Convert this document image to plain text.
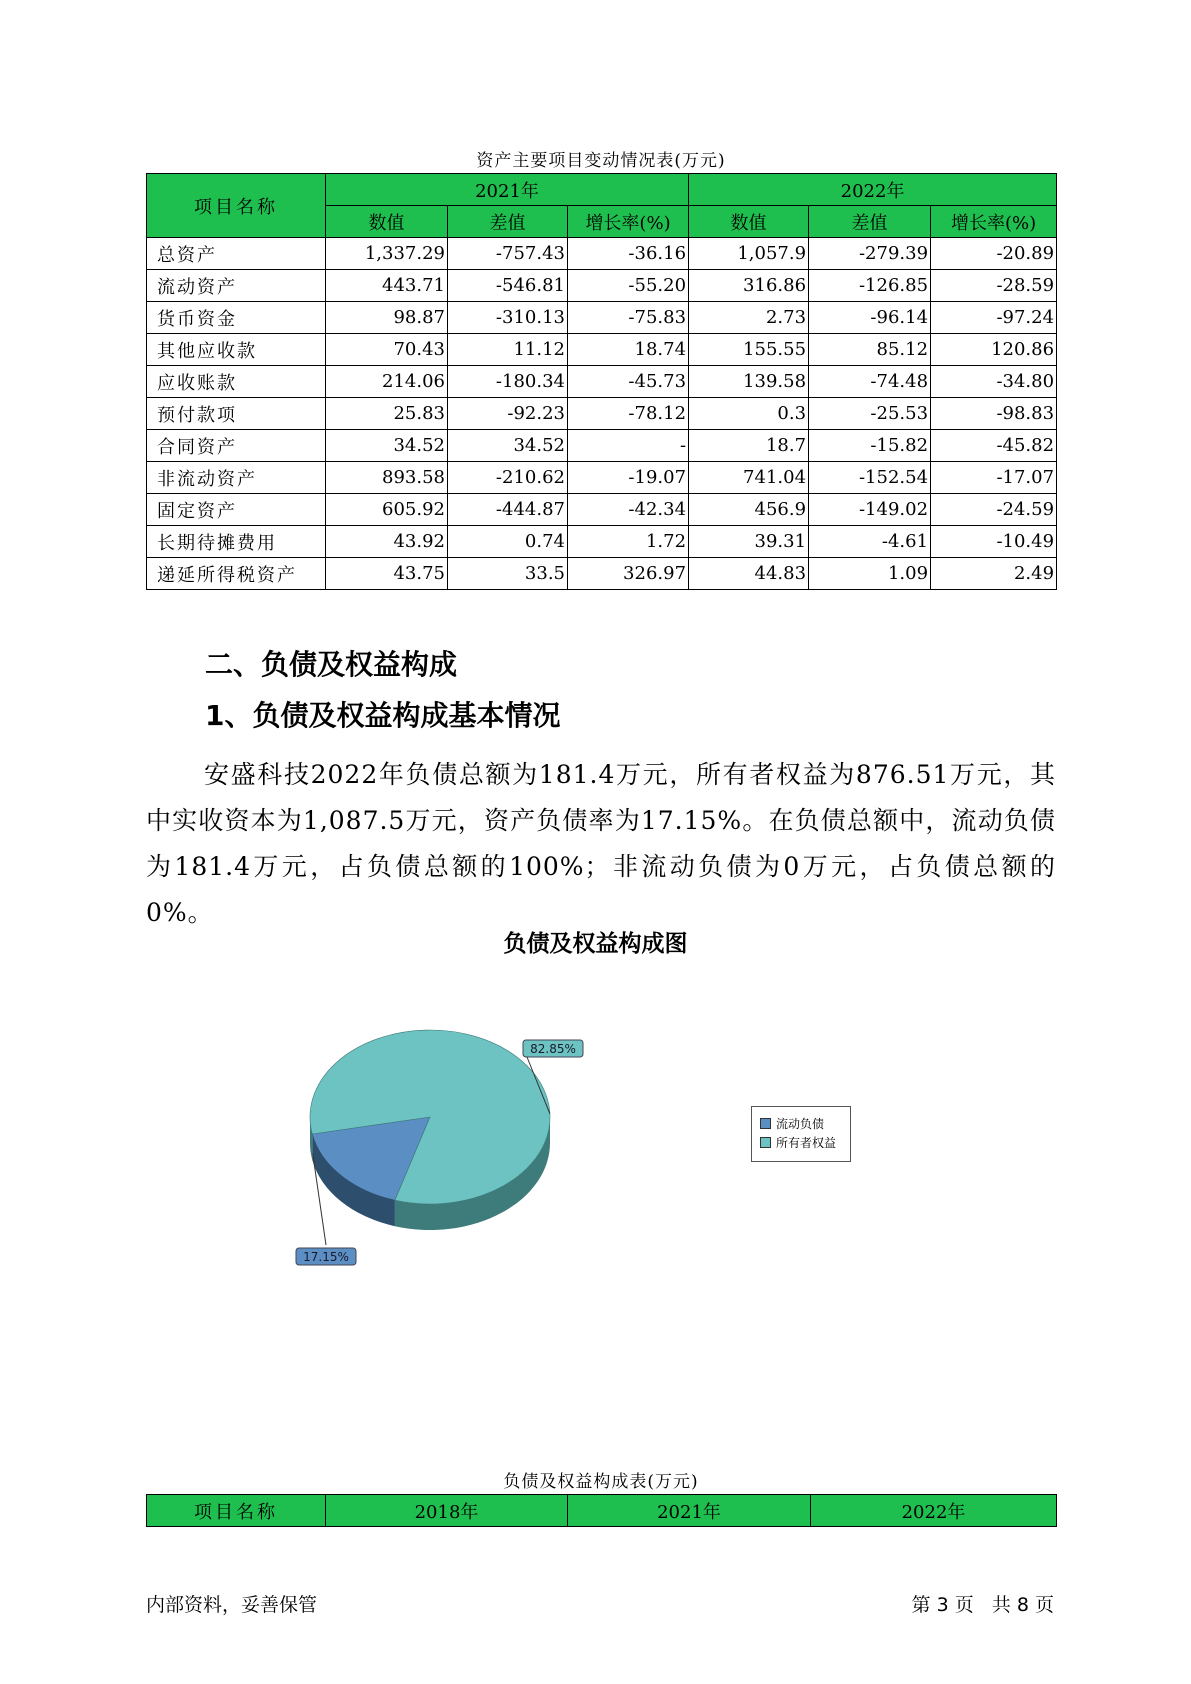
资产主要项目变动情况表(万元)
项目名称	2021年			2022年		
	数值	差值	增长率(%)	数值	差值	增长率(%)
总资产	1,337.29	-757.43	-36.16	1,057.9	-279.39	-20.89
流动资产	443.71	-546.81	-55.20	316.86	-126.85	-28.59
货币资金	98.87	-310.13	-75.83	2.73	-96.14	-97.24
其他应收款	70.43	11.12	18.74	155.55	85.12	120.86
应收账款	214.06	-180.34	-45.73	139.58	-74.48	-34.80
预付款项	25.83	-92.23	-78.12	0.3	-25.53	-98.83
合同资产	34.52	34.52	-	18.7	-15.82	-45.82
非流动资产	893.58	-210.62	-19.07	741.04	-152.54	-17.07
固定资产	605.92	-444.87	-42.34	456.9	-149.02	-24.59
长期待摊费用	43.92	0.74	1.72	39.31	-4.61	-10.49
递延所得税资产	43.75	33.5	326.97	44.83	1.09	2.49
二、负债及权益构成
1、负债及权益构成基本情况
安盛科技2022年负债总额为181.4万元，所有者权益为876.51万元，其中实收资本为1,087.5万元，资产负债率为17.15%。在负债总额中，流动负债为181.4万元，占负债总额的100%；非流动负债为0万元，占负债总额的0%。
负债及权益构成图
17.15%
82.85%
流动负债
所有者权益
负债及权益构成表(万元)
项目名称	2018年	2021年	2022年
内部资料，妥善保管	第 3 页   共 8 页
